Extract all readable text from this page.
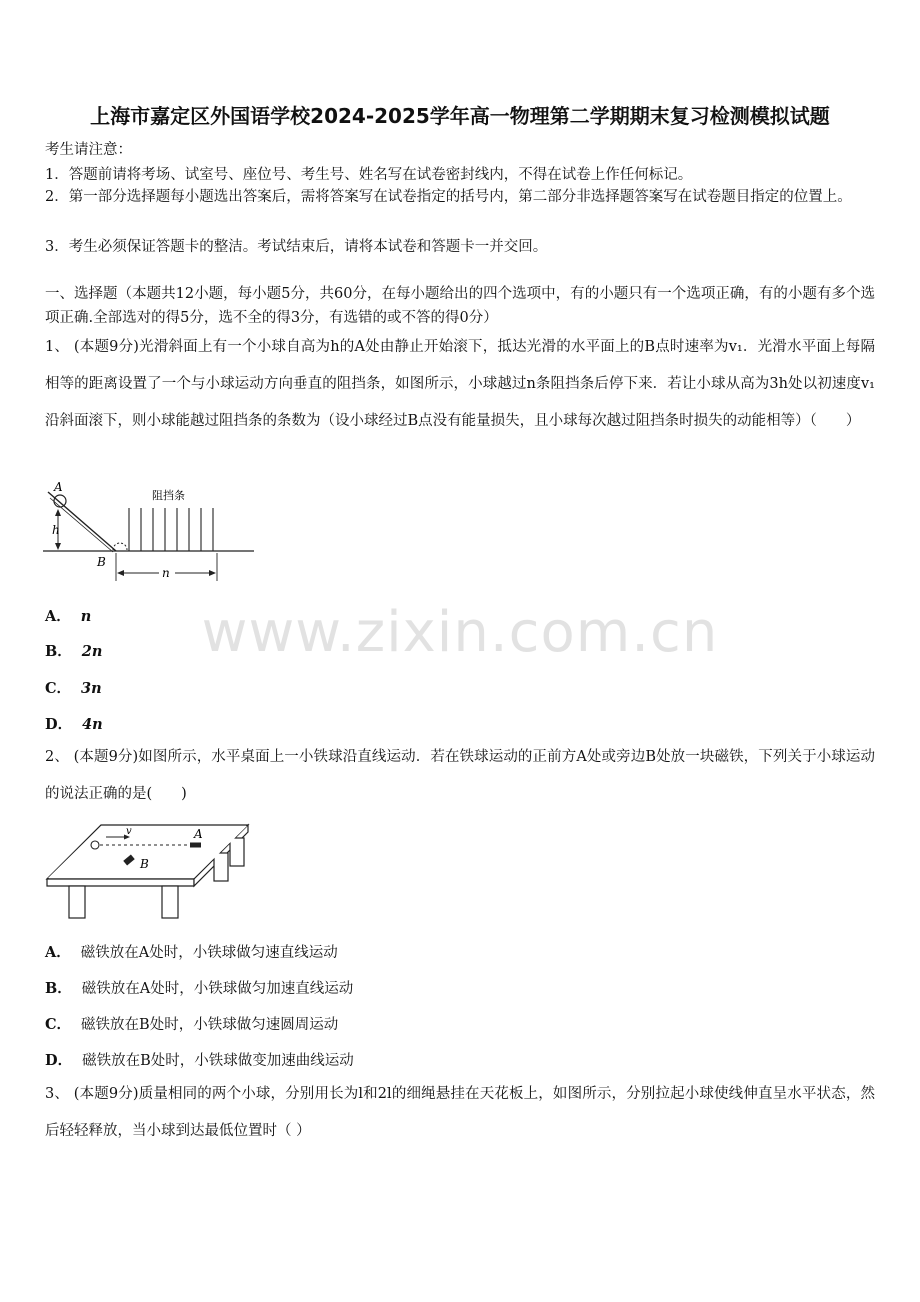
上海市嘉定区外国语学校2024-2025学年高一物理第二学期期末复习检测模拟试题
考生请注意：
1．答题前请将考场、试室号、座位号、考生号、姓名写在试卷密封线内，不得在试卷上作任何标记。
2．第一部分选择题每小题选出答案后，需将答案写在试卷指定的括号内，第二部分非选择题答案写在试卷题目指定的位置上。
3．考生必须保证答题卡的整洁。考试结束后，请将本试卷和答题卡一并交回。
一、选择题（本题共12小题，每小题5分，共60分，在每小题给出的四个选项中，有的小题只有一个选项正确，有的小题有多个选项正确.全部选对的得5分，选不全的得3分，有选错的或不答的得0分）
1、 (本题9分)光滑斜面上有一个小球自高为h的A处由静止开始滚下，抵达光滑的水平面上的B点时速率为v₁．光滑水平面上每隔相等的距离设置了一个与小球运动方向垂直的阻挡条，如图所示，小球越过n条阻挡条后停下来．若让小球从高为3h处以初速度v₁沿斜面滚下，则小球能越过阻挡条的条数为（设小球经过B点没有能量损失，且小球每次越过阻挡条时损失的动能相等）（　　）
A
h
B
阻挡条
n
A． n
B． 2n
C． 3n
D． 4n
2、 (本题9分)如图所示，水平桌面上一小铁球沿直线运动．若在铁球运动的正前方A处或旁边B处放一块磁铁，下列关于小球运动的说法正确的是(　　)
v	A
B
A． 磁铁放在A处时，小铁球做匀速直线运动
B． 磁铁放在A处时，小铁球做匀加速直线运动
C． 磁铁放在B处时，小铁球做匀速圆周运动
D． 磁铁放在B处时，小铁球做变加速曲线运动
3、 (本题9分)质量相同的两个小球，分别用长为l和2l的细绳悬挂在天花板上，如图所示，分别拉起小球使线伸直呈水平状态，然后轻轻释放，当小球到达最低位置时（ ）
www.zixin.com.cn
